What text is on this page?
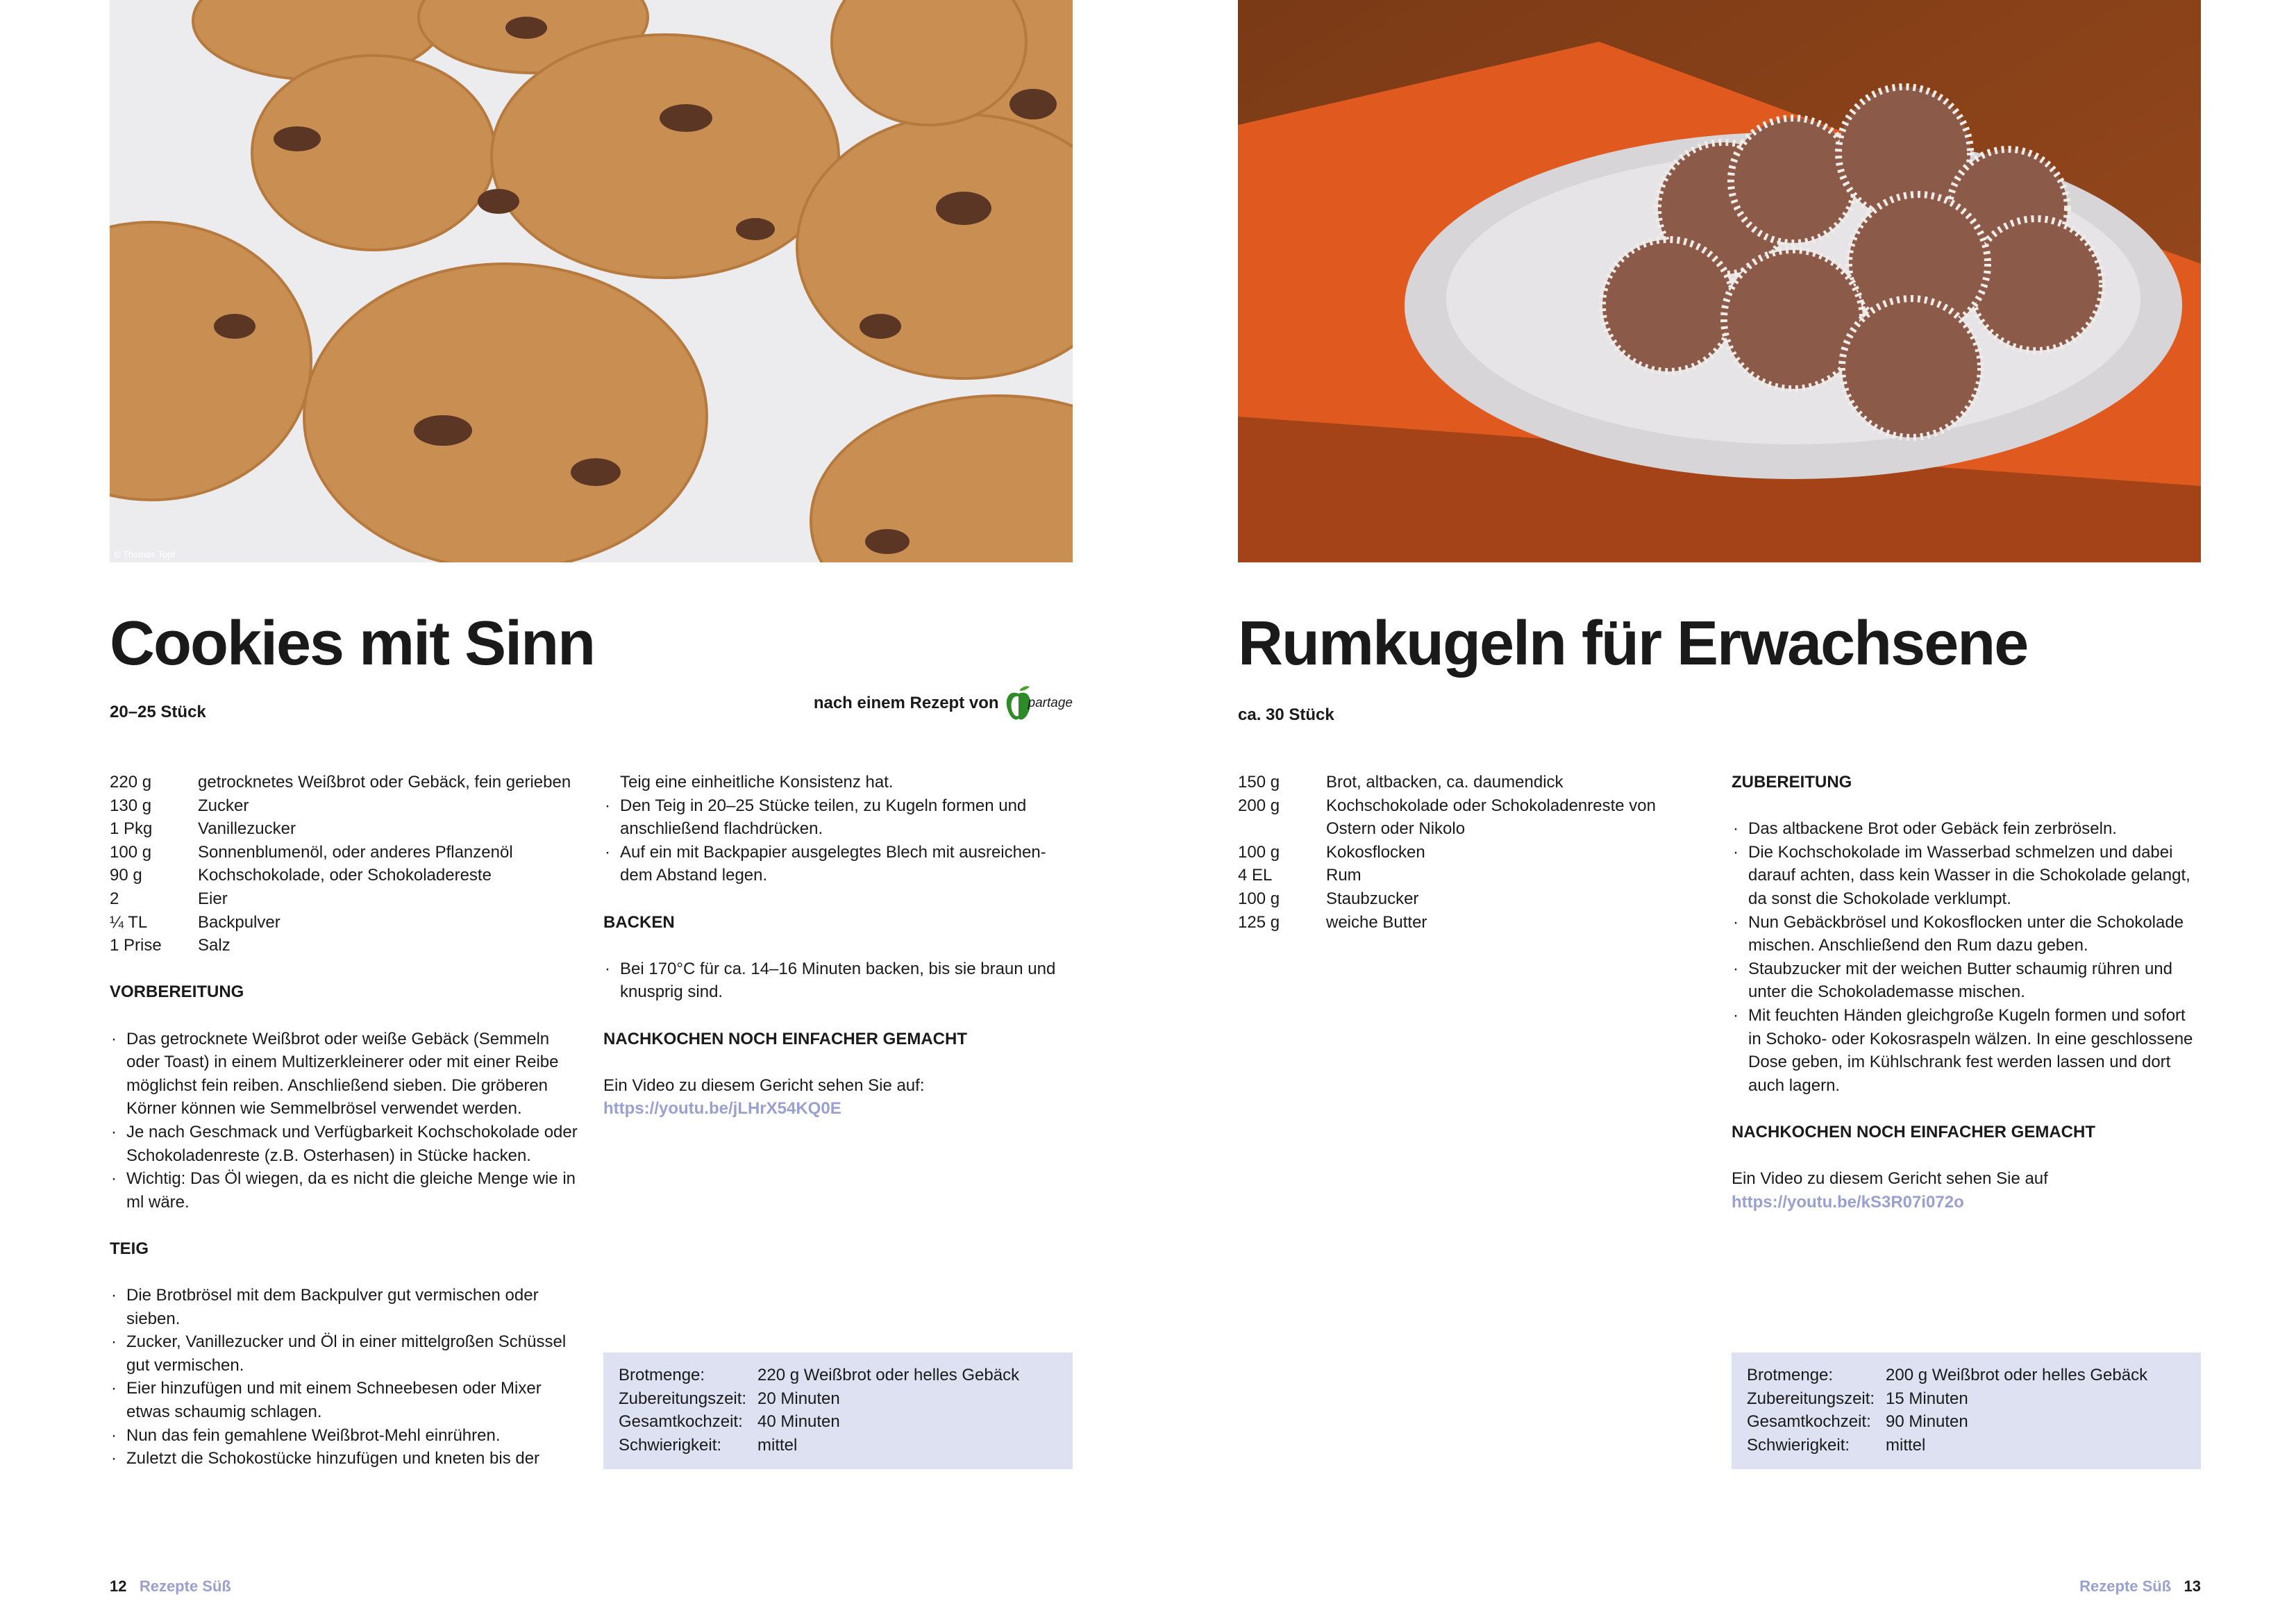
© Thomas Topf
Cookies mit Sinn
20–25 Stück	nach einem Rezept von partage
220 g	getrocknetes Weißbrot oder Gebäck, fein gerieben
130 g	Zucker
1 Pkg	Vanillezucker
100 g	Sonnenblumenöl, oder anderes Pflanzenöl
90 g	Kochschokolade, oder Schokoladereste
2	Eier
¼ TL	Backpulver
1 Prise	Salz
VORBEREITUNG
· Das getrocknete Weißbrot oder weiße Gebäck (Semmeln oder Toast) in einem Multizerkleinerer oder mit einer Reibe möglichst fein reiben. Anschließend sieben. Die gröberen Körner können wie Semmelbrösel verwendet werden.
· Je nach Geschmack und Verfügbarkeit Kochschokolade oder Schokoladenreste (z.B. Osterhasen) in Stücke hacken.
· Wichtig: Das Öl wiegen, da es nicht die gleiche Menge wie in ml wäre.
TEIG
· Die Brotbrösel mit dem Backpulver gut vermischen oder sieben.
· Zucker, Vanillezucker und Öl in einer mittelgroßen Schüssel gut vermischen.
· Eier hinzufügen und mit einem Schneebesen oder Mixer etwas schaumig schlagen.
· Nun das fein gemahlene Weißbrot-Mehl einrühren.
· Zuletzt die Schokostücke hinzufügen und kneten bis der
Teig eine einheitliche Konsistenz hat.
· Den Teig in 20–25 Stücke teilen, zu Kugeln formen und anschließend flachdrücken.
· Auf ein mit Backpapier ausgelegtes Blech mit ausreichen-dem Abstand legen.
BACKEN
· Bei 170°C für ca. 14–16 Minuten backen, bis sie braun und knusprig sind.
NACHKOCHEN NOCH EINFACHER GEMACHT

Ein Video zu diesem Gericht sehen Sie auf:

https://youtu.be/jLHrX54KQ0E

Brotmenge:	220 g Weißbrot oder helles Gebäck
Zubereitungszeit: 20 Minuten
Gesamtkochzeit: 40 Minuten
Schwierigkeit:	mittel
12 Rezepte Süß
Rumkugeln für Erwachsene
ca. 30 Stück
150 g	Brot, altbacken, ca. daumendick
200 g	Kochschokolade oder Schokoladenreste von Ostern oder Nikolo
100 g	Kokosflocken
4 EL	Rum
100 g	Staubzucker
125 g	weiche Butter
ZUBEREITUNG
· Das altbackene Brot oder Gebäck fein zerbröseln.
· Die Kochschokolade im Wasserbad schmelzen und dabei darauf achten, dass kein Wasser in die Schokolade gelangt, da sonst die Schokolade verklumpt.
· Nun Gebäckbrösel und Kokosflocken unter die Schokolade mischen. Anschließend den Rum dazu geben.
· Staubzucker mit der weichen Butter schaumig rühren und unter die Schokolademasse mischen.
· Mit feuchten Händen gleichgroße Kugeln formen und sofort in Schoko- oder Kokosraspeln wälzen. In eine geschlossene Dose geben, im Kühlschrank fest werden lassen und dort auch lagern.
NACHKOCHEN NOCH EINFACHER GEMACHT

Ein Video zu diesem Gericht sehen Sie auf

https://youtu.be/kS3R07i072o

Brotmenge:	200 g Weißbrot oder helles Gebäck
Zubereitungszeit: 15 Minuten
Gesamtkochzeit: 90 Minuten
Schwierigkeit:	mittel
Rezepte Süß 13
